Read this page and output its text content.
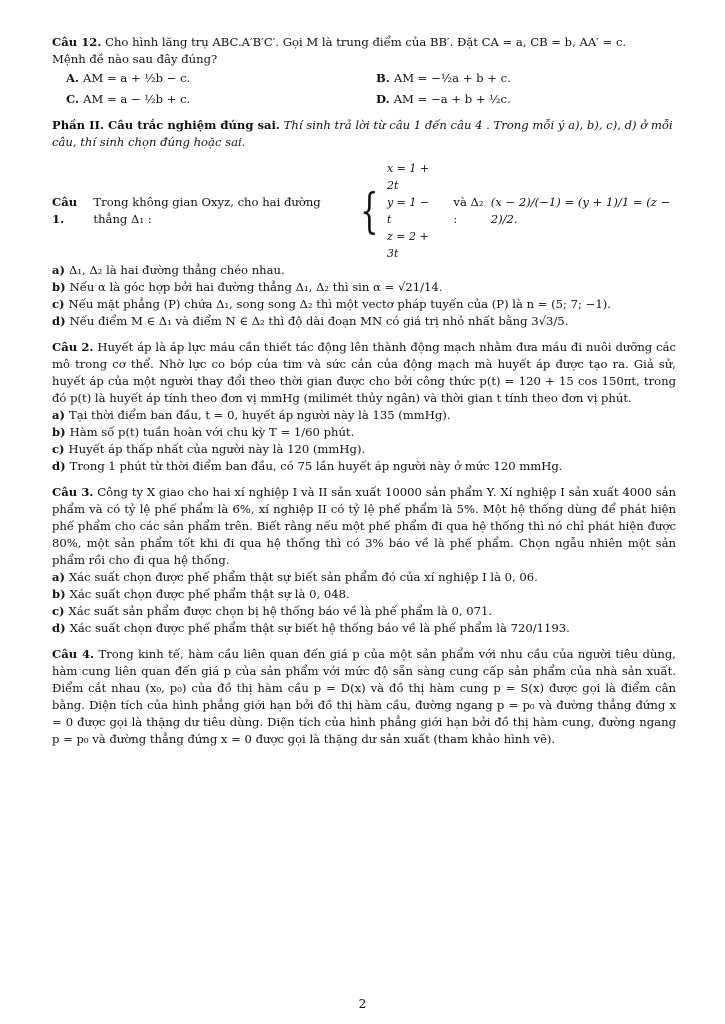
Câu 12. Cho hình lăng trụ ABC.A′B′C′. Gọi M là trung điểm của BB′. Đặt CA = a, CB = b, AA′ = c.

Mệnh đề nào sau đây đúng?

A. AM = a + ½b − c.	B. AM = −½a + b + c.
C. AM = a − ½b + c.	D. AM = −a + b + ½c.

Phần II. Câu trắc nghiệm đúng sai. Thí sinh trả lời từ câu 1 đến câu 4 . Trong mỗi ý a), b), c), d) ở mỗi câu, thí sinh chọn đúng hoặc sai.

Câu 1.
Trong không gian Oxyz, cho hai đường thẳng Δ₁ :	{
x = 1 + 2t
y = 1 − t
z = 2 + 3t
và Δ₂ :
(x − 2)/(−1) = (y + 1)/1 = (z − 2)/2.

a) Δ₁, Δ₂ là hai đường thẳng chéo nhau.

b) Nếu α là góc hợp bởi hai đường thẳng Δ₁, Δ₂ thì sin α = √21/14.

c) Nếu mặt phẳng (P) chứa Δ₁, song song Δ₂ thì một vectơ pháp tuyến của (P) là n = (5; 7; −1).

d) Nếu điểm M ∈ Δ₁ và điểm N ∈ Δ₂ thì độ dài đoạn MN có giá trị nhỏ nhất bằng 3√3/5.

Câu 2. Huyết áp là áp lực máu cần thiết tác động lên thành động mạch nhằm đưa máu đi nuôi dưỡng các mô trong cơ thể. Nhờ lực co bóp của tim và sức cản của động mạch mà huyết áp được tạo ra. Giả sử, huyết áp của một người thay đổi theo thời gian được cho bởi công thức p(t) = 120 + 15 cos 150πt, trong đó p(t) là huyết áp tính theo đơn vị mmHg (milimét thủy ngân) và thời gian t tính theo đơn vị phút.

a) Tại thời điểm ban đầu, t = 0, huyết áp người này là 135 (mmHg).

b) Hàm số p(t) tuần hoàn với chu kỳ T = 1/60 phút.

c) Huyết áp thấp nhất của người này là 120 (mmHg).

d) Trong 1 phút từ thời điểm ban đầu, có 75 lần huyết áp người này ở mức 120 mmHg.

Câu 3. Công ty X giao cho hai xí nghiệp I và II sản xuất 10000 sản phẩm Y. Xí nghiệp I sản xuất 4000 sản phẩm và có tỷ lệ phế phẩm là 6%, xí nghiệp II có tỷ lệ phế phẩm là 5%. Một hệ thống dùng để phát hiện phế phẩm cho các sản phẩm trên. Biết rằng nếu một phế phẩm đi qua hệ thống thì nó chỉ phát hiện được 80%, một sản phẩm tốt khi đi qua hệ thống thì có 3% báo về là phế phẩm. Chọn ngẫu nhiên một sản phẩm rồi cho đi qua hệ thống.

a) Xác suất chọn được phế phẩm thật sự biết sản phẩm đó của xí nghiệp I là 0, 06.

b) Xác suất chọn được phế phẩm thật sự là 0, 048.

c) Xác suất sản phẩm được chọn bị hệ thống báo về là phế phẩm là 0, 071.

d) Xác suất chọn được phế phẩm thật sự biết hệ thống báo về là phế phẩm là 720/1193.

Câu 4. Trong kinh tế, hàm cầu liên quan đến giá p của một sản phẩm với nhu cầu của người tiêu dùng, hàm cung liên quan đến giá p của sản phẩm với mức độ sẵn sàng cung cấp sản phẩm của nhà sản xuất. Điểm cắt nhau (x₀, p₀) của đồ thị hàm cầu p = D(x) và đồ thị hàm cung p = S(x) được gọi là điểm cân bằng. Diện tích của hình phẳng giới hạn bởi đồ thị hàm cầu, đường ngang p = p₀ và đường thẳng đứng x = 0 được gọi là thặng dư tiêu dùng. Diện tích của hình phẳng giới hạn bởi đồ thị hàm cung, đường ngang p = p₀ và đường thẳng đứng x = 0 được gọi là thặng dư sản xuất (tham khảo hình vẽ).

2
